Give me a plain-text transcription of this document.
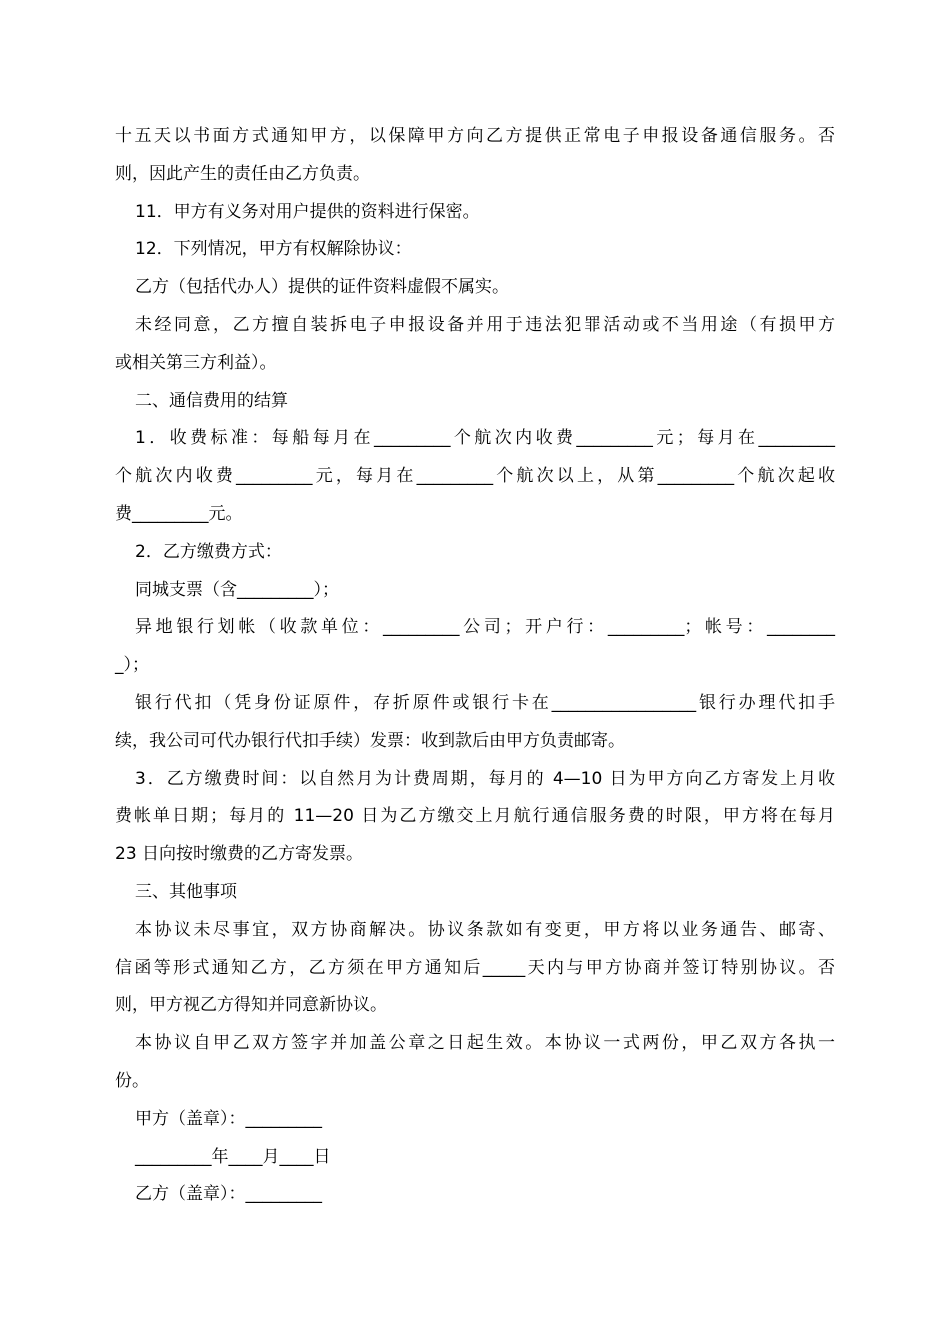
十五天以书面方式通知甲方，以保障甲方向乙方提供正常电子申报设备通信服务。否
则，因此产生的责任由乙方负责。
11．甲方有义务对用户提供的资料进行保密。
12．下列情况，甲方有权解除协议：
乙方（包括代办人）提供的证件资料虚假不属实。
未经同意，乙方擅自装拆电子申报设备并用于违法犯罪活动或不当用途（有损甲方
或相关第三方利益）。
二、通信费用的结算
1．收费标准：每船每月在_________个航次内收费_________元；每月在_________
个航次内收费_________元，每月在_________个航次以上，从第_________个航次起收
费_________元。
2．乙方缴费方式：
同城支票（含_________）；
异地银行划帐（收款单位：_________公司；开户行：_________；帐号：________
_）；
银行代扣（凭身份证原件，存折原件或银行卡在_________________银行办理代扣手
续，我公司可代办银行代扣手续）发票：收到款后由甲方负责邮寄。
3．乙方缴费时间：以自然月为计费周期，每月的 4—10 日为甲方向乙方寄发上月收
费帐单日期；每月的 11—20 日为乙方缴交上月航行通信服务费的时限，甲方将在每月
23 日向按时缴费的乙方寄发票。
三、其他事项
本协议未尽事宜，双方协商解决。协议条款如有变更，甲方将以业务通告、邮寄、
信函等形式通知乙方，乙方须在甲方通知后_____天内与甲方协商并签订特别协议。否
则，甲方视乙方得知并同意新协议。
本协议自甲乙双方签字并加盖公章之日起生效。本协议一式两份，甲乙双方各执一
份。
甲方（盖章）：_________
_________年____月____日
乙方（盖章）：_________
